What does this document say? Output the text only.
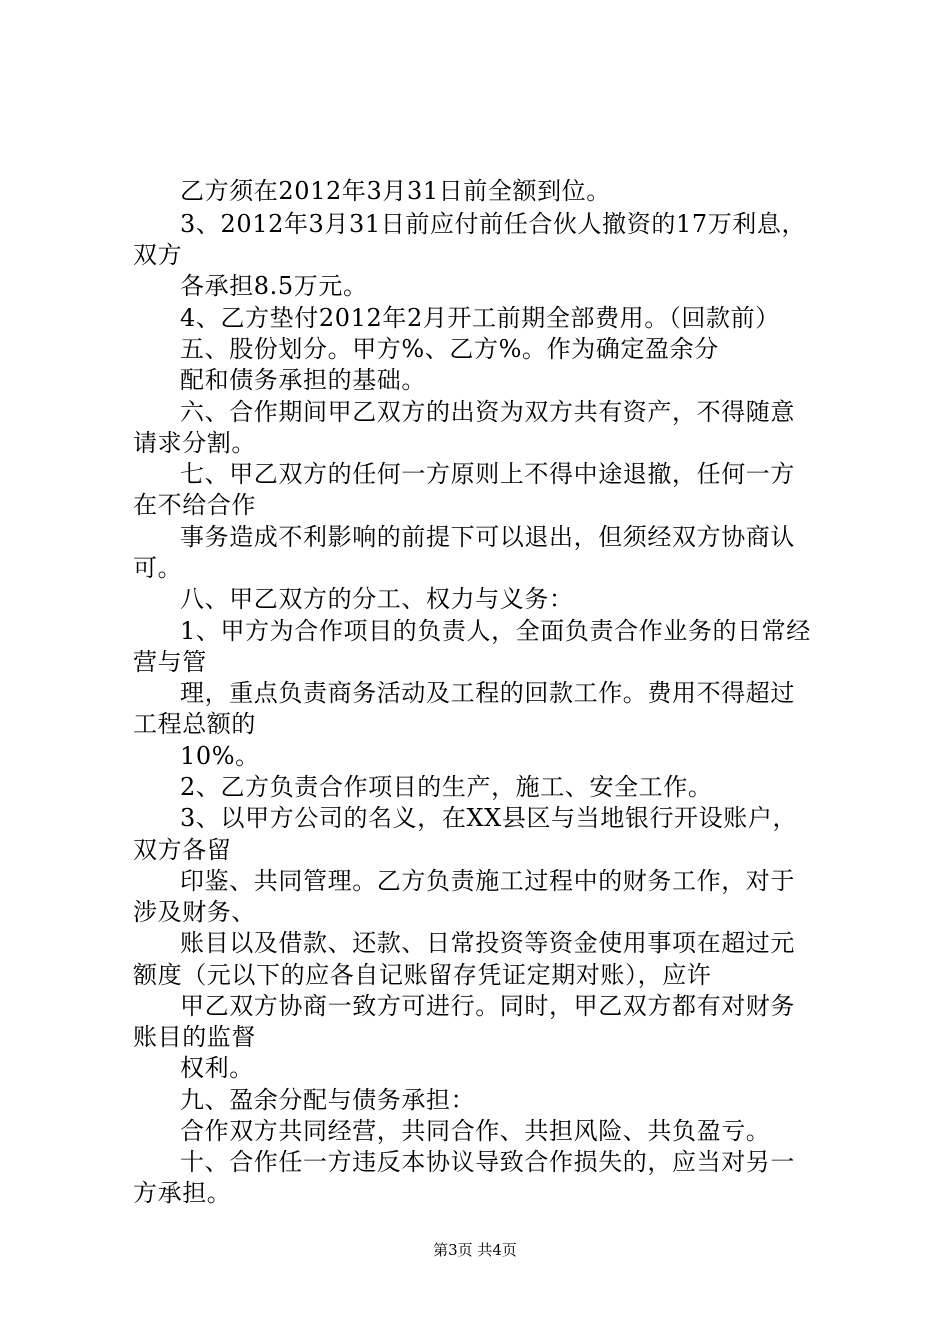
乙方须在2012年3月31日前全额到位。
3、2012年3月31日前应付前任合伙人撤资的17万利息，
双方
各承担8.5万元。
4、乙方垫付2012年2月开工前期全部费用。（回款前）
五、股份划分。甲方%、乙方%。作为确定盈余分
配和债务承担的基础。
六、合作期间甲乙双方的出资为双方共有资产，不得随意
请求分割。
七、甲乙双方的任何一方原则上不得中途退撤，任何一方
在不给合作
事务造成不利影响的前提下可以退出，但须经双方协商认
可。
八、甲乙双方的分工、权力与义务：
1、甲方为合作项目的负责人，全面负责合作业务的日常经
营与管
理，重点负责商务活动及工程的回款工作。费用不得超过
工程总额的
10%。
2、乙方负责合作项目的生产，施工、安全工作。
3、以甲方公司的名义，在XX县区与当地银行开设账户，
双方各留
印鉴、共同管理。乙方负责施工过程中的财务工作，对于
涉及财务、
账目以及借款、还款、日常投资等资金使用事项在超过元
额度（元以下的应各自记账留存凭证定期对账），应许
甲乙双方协商一致方可进行。同时，甲乙双方都有对财务
账目的监督
权利。
九、盈余分配与债务承担：
合作双方共同经营，共同合作、共担风险、共负盈亏。
十、合作任一方违反本协议导致合作损失的，应当对另一
方承担。
第3页 共4页
